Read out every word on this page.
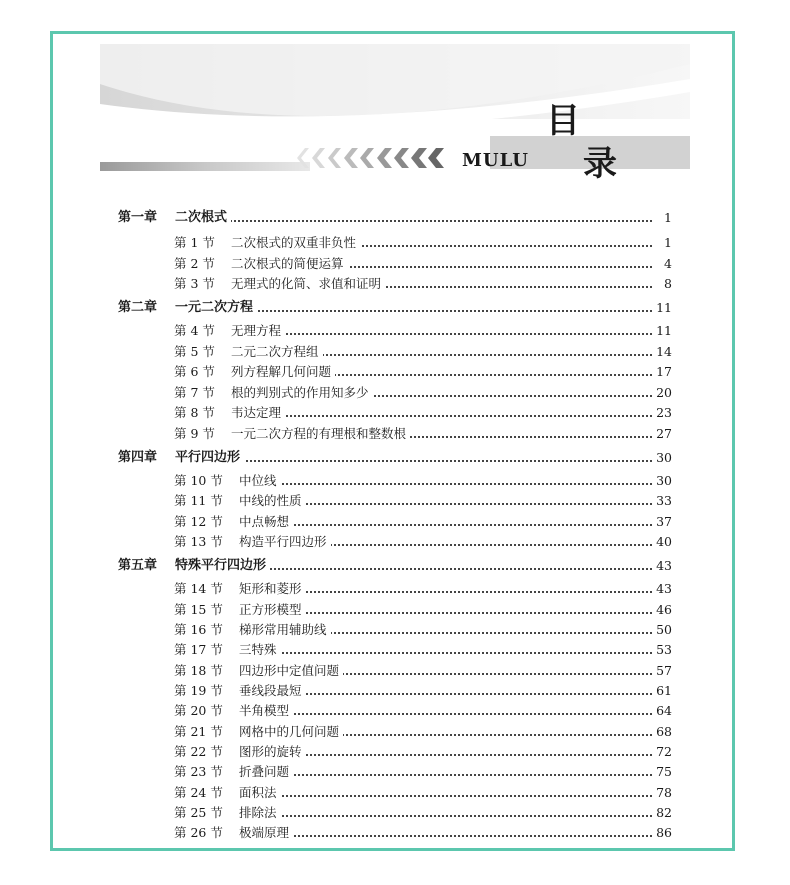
MULU
目
录
第一章 二次根式	1
第 1 节 二次根式的双重非负性	1
第 2 节 二次根式的简便运算	4
第 3 节 无理式的化简、求值和证明	8
第二章 一元二次方程	11
第 4 节 无理方程	11
第 5 节 二元二次方程组	14
第 6 节 列方程解几何问题	17
第 7 节 根的判别式的作用知多少	20
第 8 节 韦达定理	23
第 9 节 一元二次方程的有理根和整数根	27
第四章 平行四边形	30
第 10 节 中位线	30
第 11 节 中线的性质	33
第 12 节 中点畅想	37
第 13 节 构造平行四边形	40
第五章 特殊平行四边形	43
第 14 节 矩形和菱形	43
第 15 节 正方形模型	46
第 16 节 梯形常用辅助线	50
第 17 节 三特殊	53
第 18 节 四边形中定值问题	57
第 19 节 垂线段最短	61
第 20 节 半角模型	64
第 21 节 网格中的几何问题	68
第 22 节 图形的旋转	72
第 23 节 折叠问题	75
第 24 节 面积法	78
第 25 节 排除法	82
第 26 节 极端原理	86
